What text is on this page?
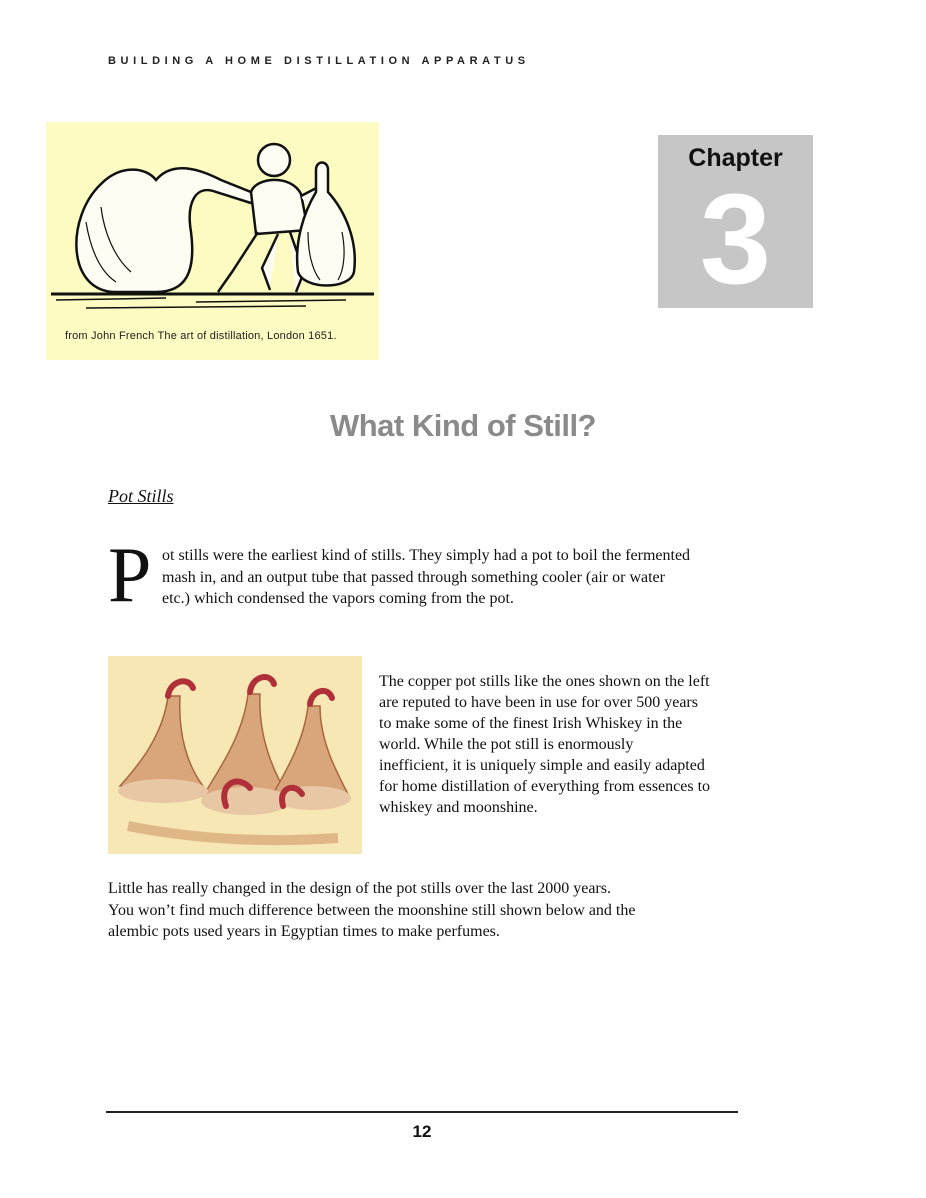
BUILDING A HOME DISTILLATION APPARATUS
from John French The art of distillation, London 1651.
Chapter
3
What Kind of Still?
Pot Stills
P ot stills were the earliest kind of stills. They simply had a pot to boil the fermented
mash in, and an output tube that passed through something cooler (air or water
etc.) which condensed the vapors coming from the pot.
The copper pot stills like the ones shown on the left
are reputed to have been in use for over 500 years
to make some of the finest Irish Whiskey in the
world. While the pot still is enormously
inefficient, it is uniquely simple and easily adapted
for home distillation of everything from essences to
whiskey and moonshine.
Little has really changed in the design of the pot stills over the last 2000 years.
You won’t find much difference between the moonshine still shown below and the
alembic pots used years in Egyptian times to make perfumes.
12
